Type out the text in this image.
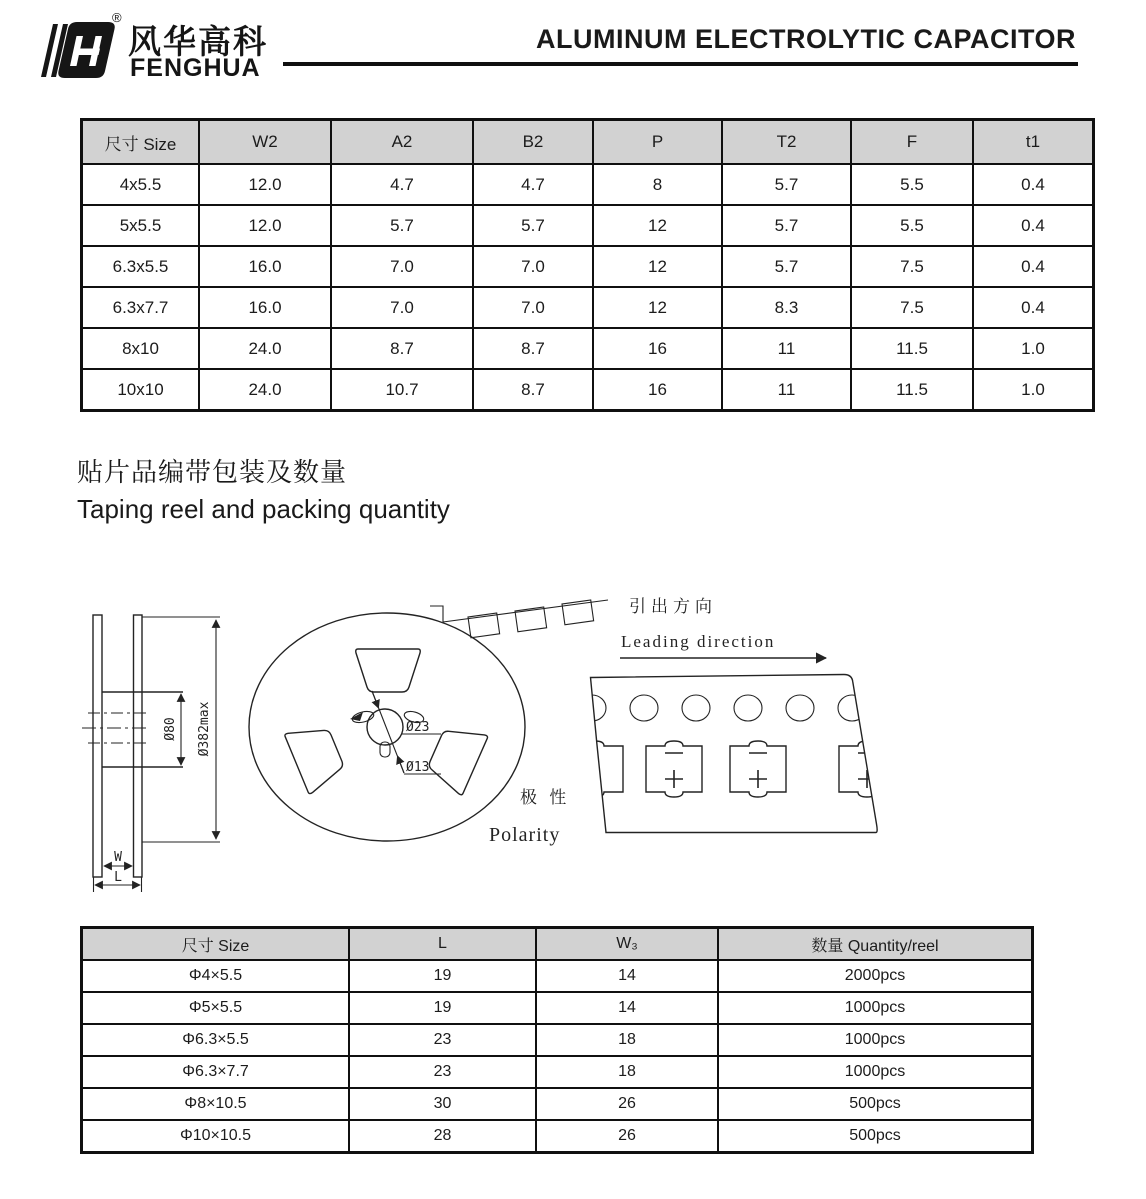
®
风华高科
FENGHUA
ALUMINUM ELECTROLYTIC CAPACITOR
尺寸 Size	W2	A2	B2	P	T2	F	t1
4x5.5	12.0	4.7	4.7	8	5.7	5.5	0.4
5x5.5	12.0	5.7	5.7	12	5.7	5.5	0.4
6.3x5.5	16.0	7.0	7.0	12	5.7	7.5	0.4
6.3x7.7	16.0	7.0	7.0	12	8.3	7.5	0.4
8x10	24.0	8.7	8.7	16	11	11.5	1.0
10x10	24.0	10.7	8.7	16	11	11.5	1.0
贴片品编带包装及数量
Taping reel and packing quantity
Ø80 Ø382max
W
L
Ø23
Ø13
引出方向
Leading direction
极 性
Polarity
尺寸 Size	L	W₃	数量 Quantity/reel
Φ4×5.5	19	14	2000pcs
Φ5×5.5	19	14	1000pcs
Φ6.3×5.5	23	18	1000pcs
Φ6.3×7.7	23	18	1000pcs
Φ8×10.5	30	26	500pcs
Φ10×10.5	28	26	500pcs
